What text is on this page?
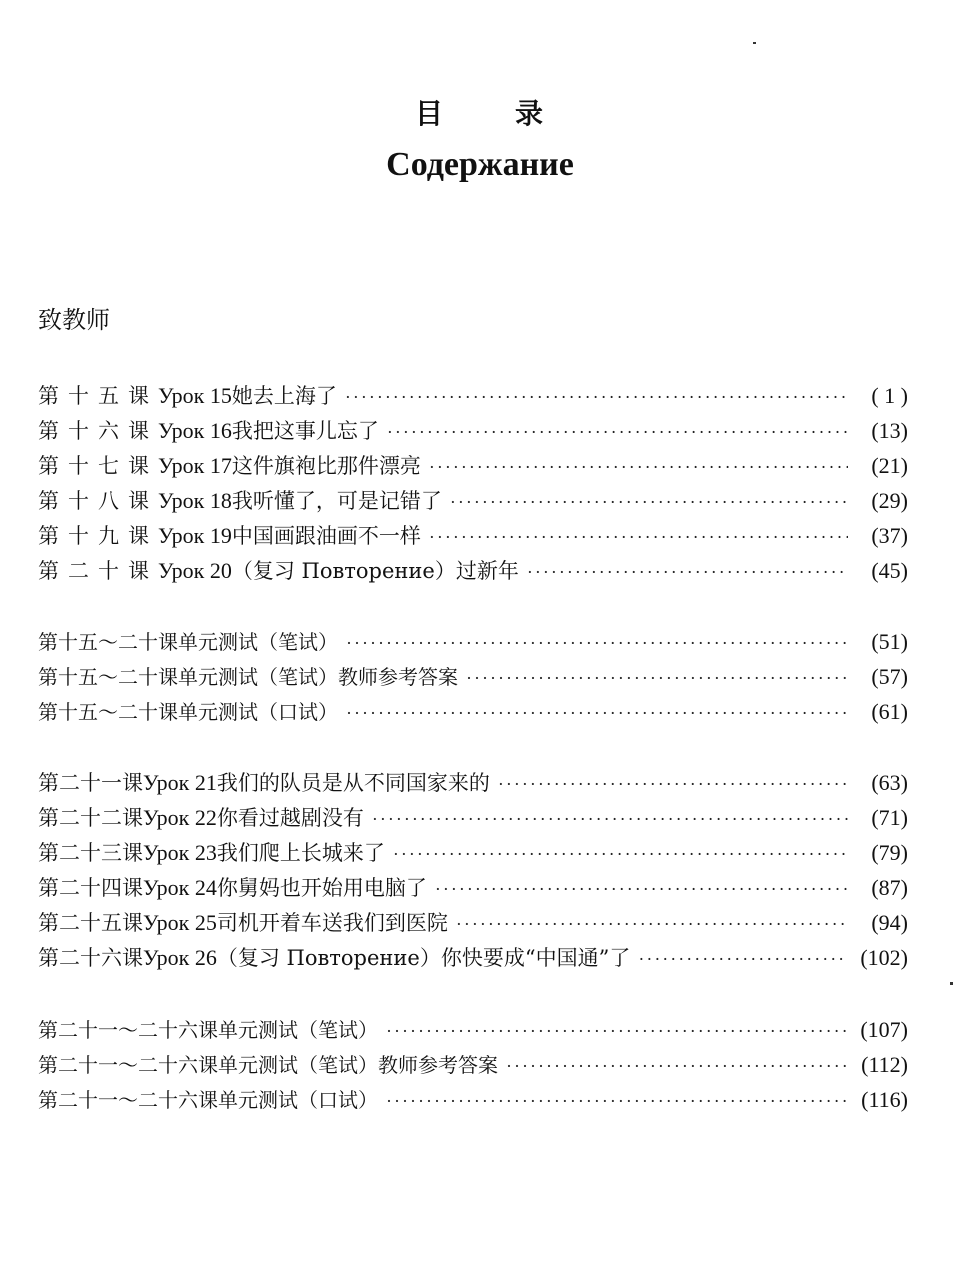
目	录
Содержание
致教师
第十五课 Урок 15 她去上海了 ·····	( 1 )
第十六课 Урок 16 我把这事儿忘了 ·····	(13)
第十七课 Урок 17 这件旗袍比那件漂亮 ·····	(21)
第十八课 Урок 18 我听懂了，可是记错了 ·····	(29)
第十九课 Урок 19 中国画跟油画不一样 ·····	(37)
第二十课 Урок 20 （复习 Повторение）过新年 ·····	(45)
第十五～二十课单元测试（笔试） ·····	(51)
第十五～二十课单元测试（笔试）教师参考答案 ·····	(57)
第十五～二十课单元测试（口试） ·····	(61)
第二十一课 Урок 21 我们的队员是从不同国家来的 ·····	(63)
第二十二课 Урок 22 你看过越剧没有 ·····	(71)
第二十三课 Урок 23 我们爬上长城来了 ·····	(79)
第二十四课 Урок 24 你舅妈也开始用电脑了 ·····	(87)
第二十五课 Урок 25 司机开着车送我们到医院 ·····	(94)
第二十六课 Урок 26 （复习 Повторение）你快要成“中国通”了 ·····	(102)
第二十一～二十六课单元测试（笔试） ·····	(107)
第二十一～二十六课单元测试（笔试）教师参考答案 ·····	(112)
第二十一～二十六课单元测试（口试） ·····	(116)
